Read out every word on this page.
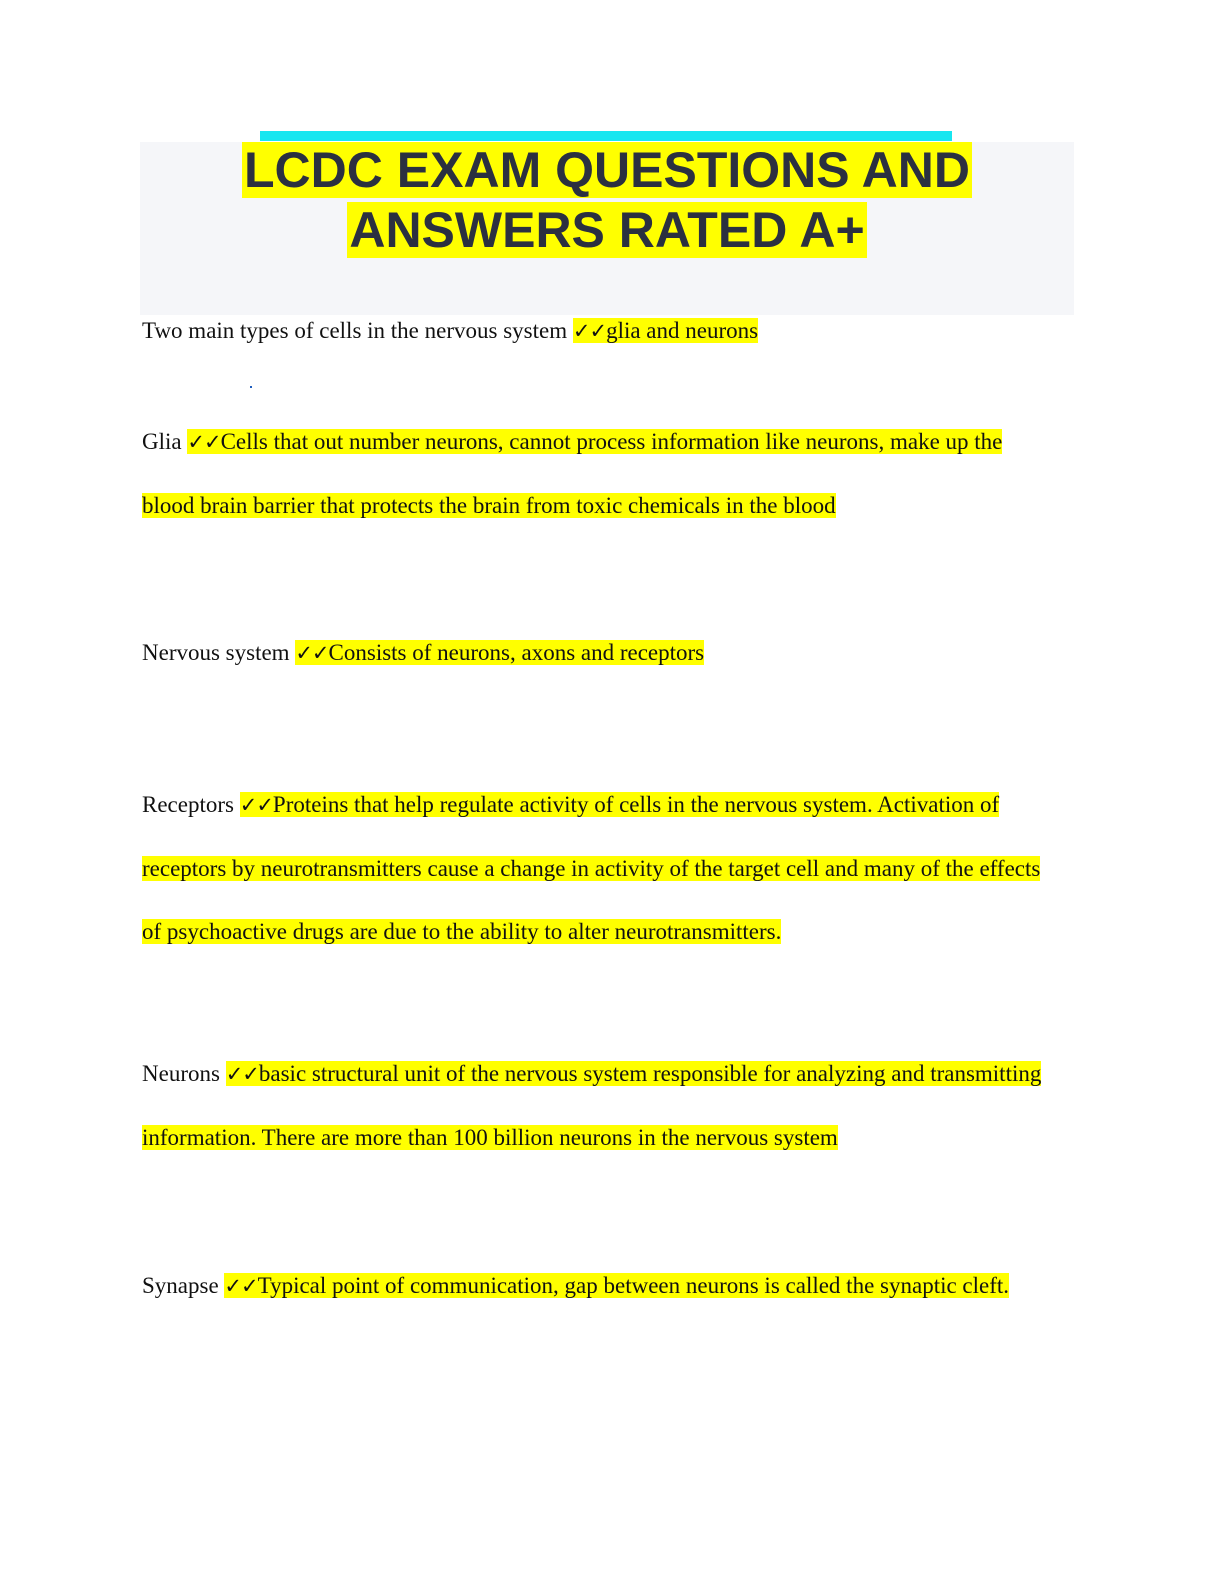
LCDC EXAM QUESTIONS AND
ANSWERS RATED A+

Two main types of cells in the nervous system ✓✓glia and neurons

Glia ✓✓Cells that out number neurons, cannot process information like neurons, make up the blood brain barrier that protects the brain from toxic chemicals in the blood

Nervous system ✓✓Consists of neurons, axons and receptors

Receptors ✓✓Proteins that help regulate activity of cells in the nervous system. Activation of receptors by neurotransmitters cause a change in activity of the target cell and many of the effects of psychoactive drugs are due to the ability to alter neurotransmitters.

Neurons ✓✓basic structural unit of the nervous system responsible for analyzing and transmitting information. There are more than 100 billion neurons in the nervous system

Synapse ✓✓Typical point of communication, gap between neurons is called the synaptic cleft.
